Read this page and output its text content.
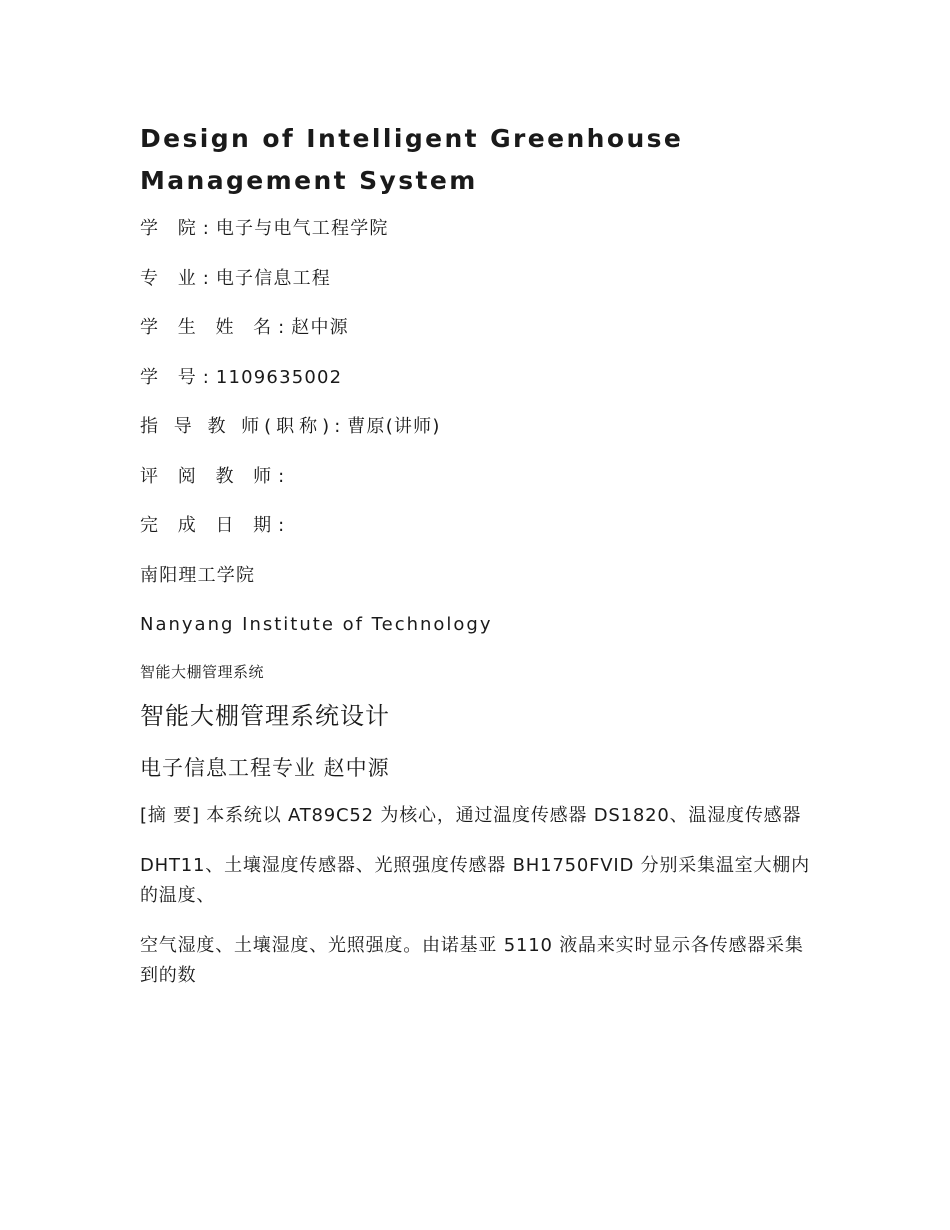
Design of Intelligent Greenhouse Management System
学 院: 电子与电气工程学院
专 业: 电子信息工程
学 生 姓 名: 赵中源
学 号: 1109635002
指 导 教 师(职称): 曹原(讲师)
评 阅 教 师:
完 成 日 期:
南阳理工学院
Nanyang Institute of Technology
智能大棚管理系统
智能大棚管理系统设计
电子信息工程专业 赵中源
[摘 要] 本系统以 AT89C52 为核心，通过温度传感器 DS1820、温湿度传感器
DHT11、土壤湿度传感器、光照强度传感器 BH1750FVID 分别采集温室大棚内的温度、
空气湿度、土壤湿度、光照强度。由诺基亚 5110 液晶来实时显示各传感器采集到的数
